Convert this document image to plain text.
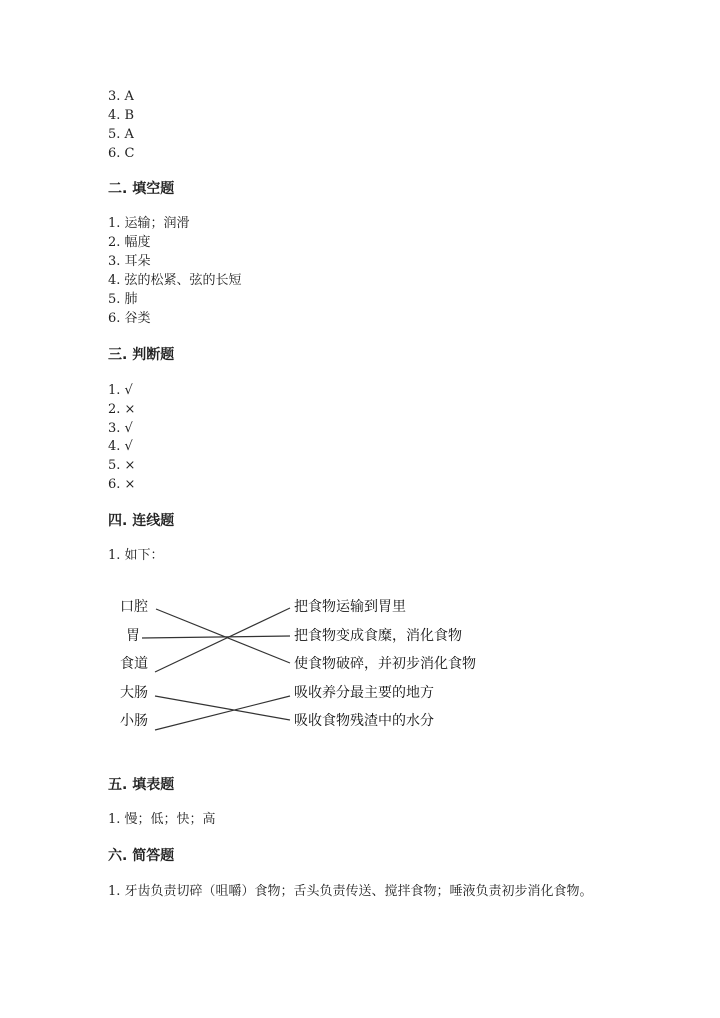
3. A
4. B
5. A
6. C
二. 填空题
1. 运输；润滑
2. 幅度
3. 耳朵
4. 弦的松紧、弦的长短
5. 肺
6. 谷类
三. 判断题
1. √
2. ×
3. √
4. √
5. ×
6. ×
四. 连线题
1. 如下：
口腔
胃
食道
大肠
小肠
把食物运输到胃里
把食物变成食糜，消化食物
使食物破碎，并初步消化食物
吸收养分最主要的地方
吸收食物残渣中的水分
五. 填表题
1. 慢；低；快；高
六. 简答题
1. 牙齿负责切碎（咀嚼）食物；舌头负责传送、搅拌食物；唾液负责初步消化食物。
